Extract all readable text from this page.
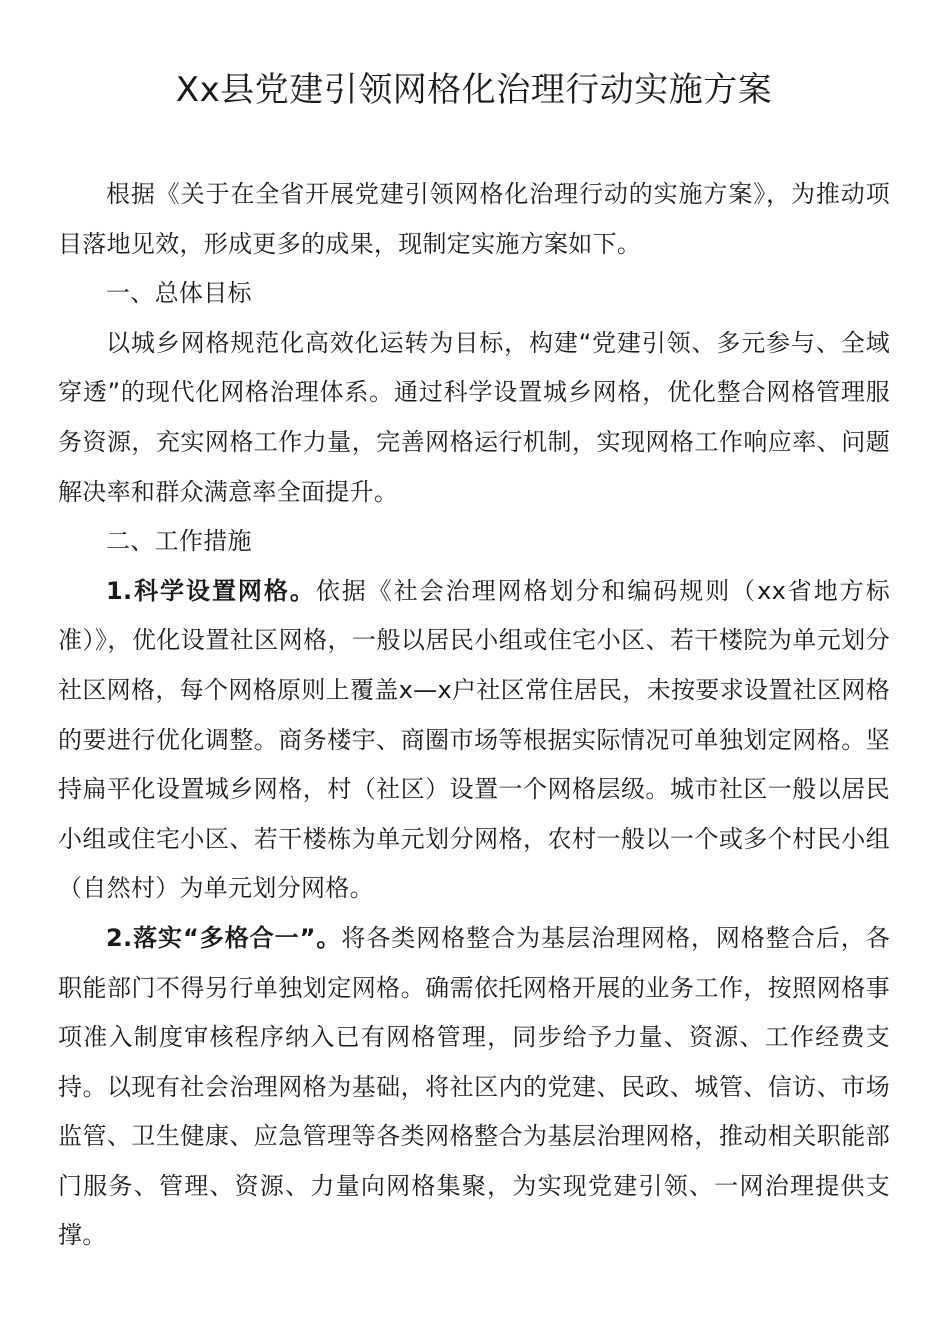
Xx县党建引领网格化治理行动实施方案

根据《关于在全省开展党建引领网格化治理行动的实施方案》，为推动项目落地见效，形成更多的成果，现制定实施方案如下。

一、总体目标

以城乡网格规范化高效化运转为目标，构建“党建引领、多元参与、全域穿透”的现代化网格治理体系。通过科学设置城乡网格，优化整合网格管理服务资源，充实网格工作力量，完善网格运行机制，实现网格工作响应率、问题解决率和群众满意率全面提升。

二、工作措施

1.科学设置网格。依据《社会治理网格划分和编码规则（xx省地方标准）》，优化设置社区网格，一般以居民小组或住宅小区、若干楼院为单元划分社区网格，每个网格原则上覆盖x—x户社区常住居民，未按要求设置社区网格的要进行优化调整。商务楼宇、商圈市场等根据实际情况可单独划定网格。坚持扁平化设置城乡网格，村（社区）设置一个网格层级。城市社区一般以居民小组或住宅小区、若干楼栋为单元划分网格，农村一般以一个或多个村民小组（自然村）为单元划分网格。

2.落实“多格合一”。将各类网格整合为基层治理网格，网格整合后，各职能部门不得另行单独划定网格。确需依托网格开展的业务工作，按照网格事项准入制度审核程序纳入已有网格管理，同步给予力量、资源、工作经费支持。以现有社会治理网格为基础，将社区内的党建、民政、城管、信访、市场监管、卫生健康、应急管理等各类网格整合为基层治理网格，推动相关职能部门服务、管理、资源、力量向网格集聚，为实现党建引领、一网治理提供支撑。
